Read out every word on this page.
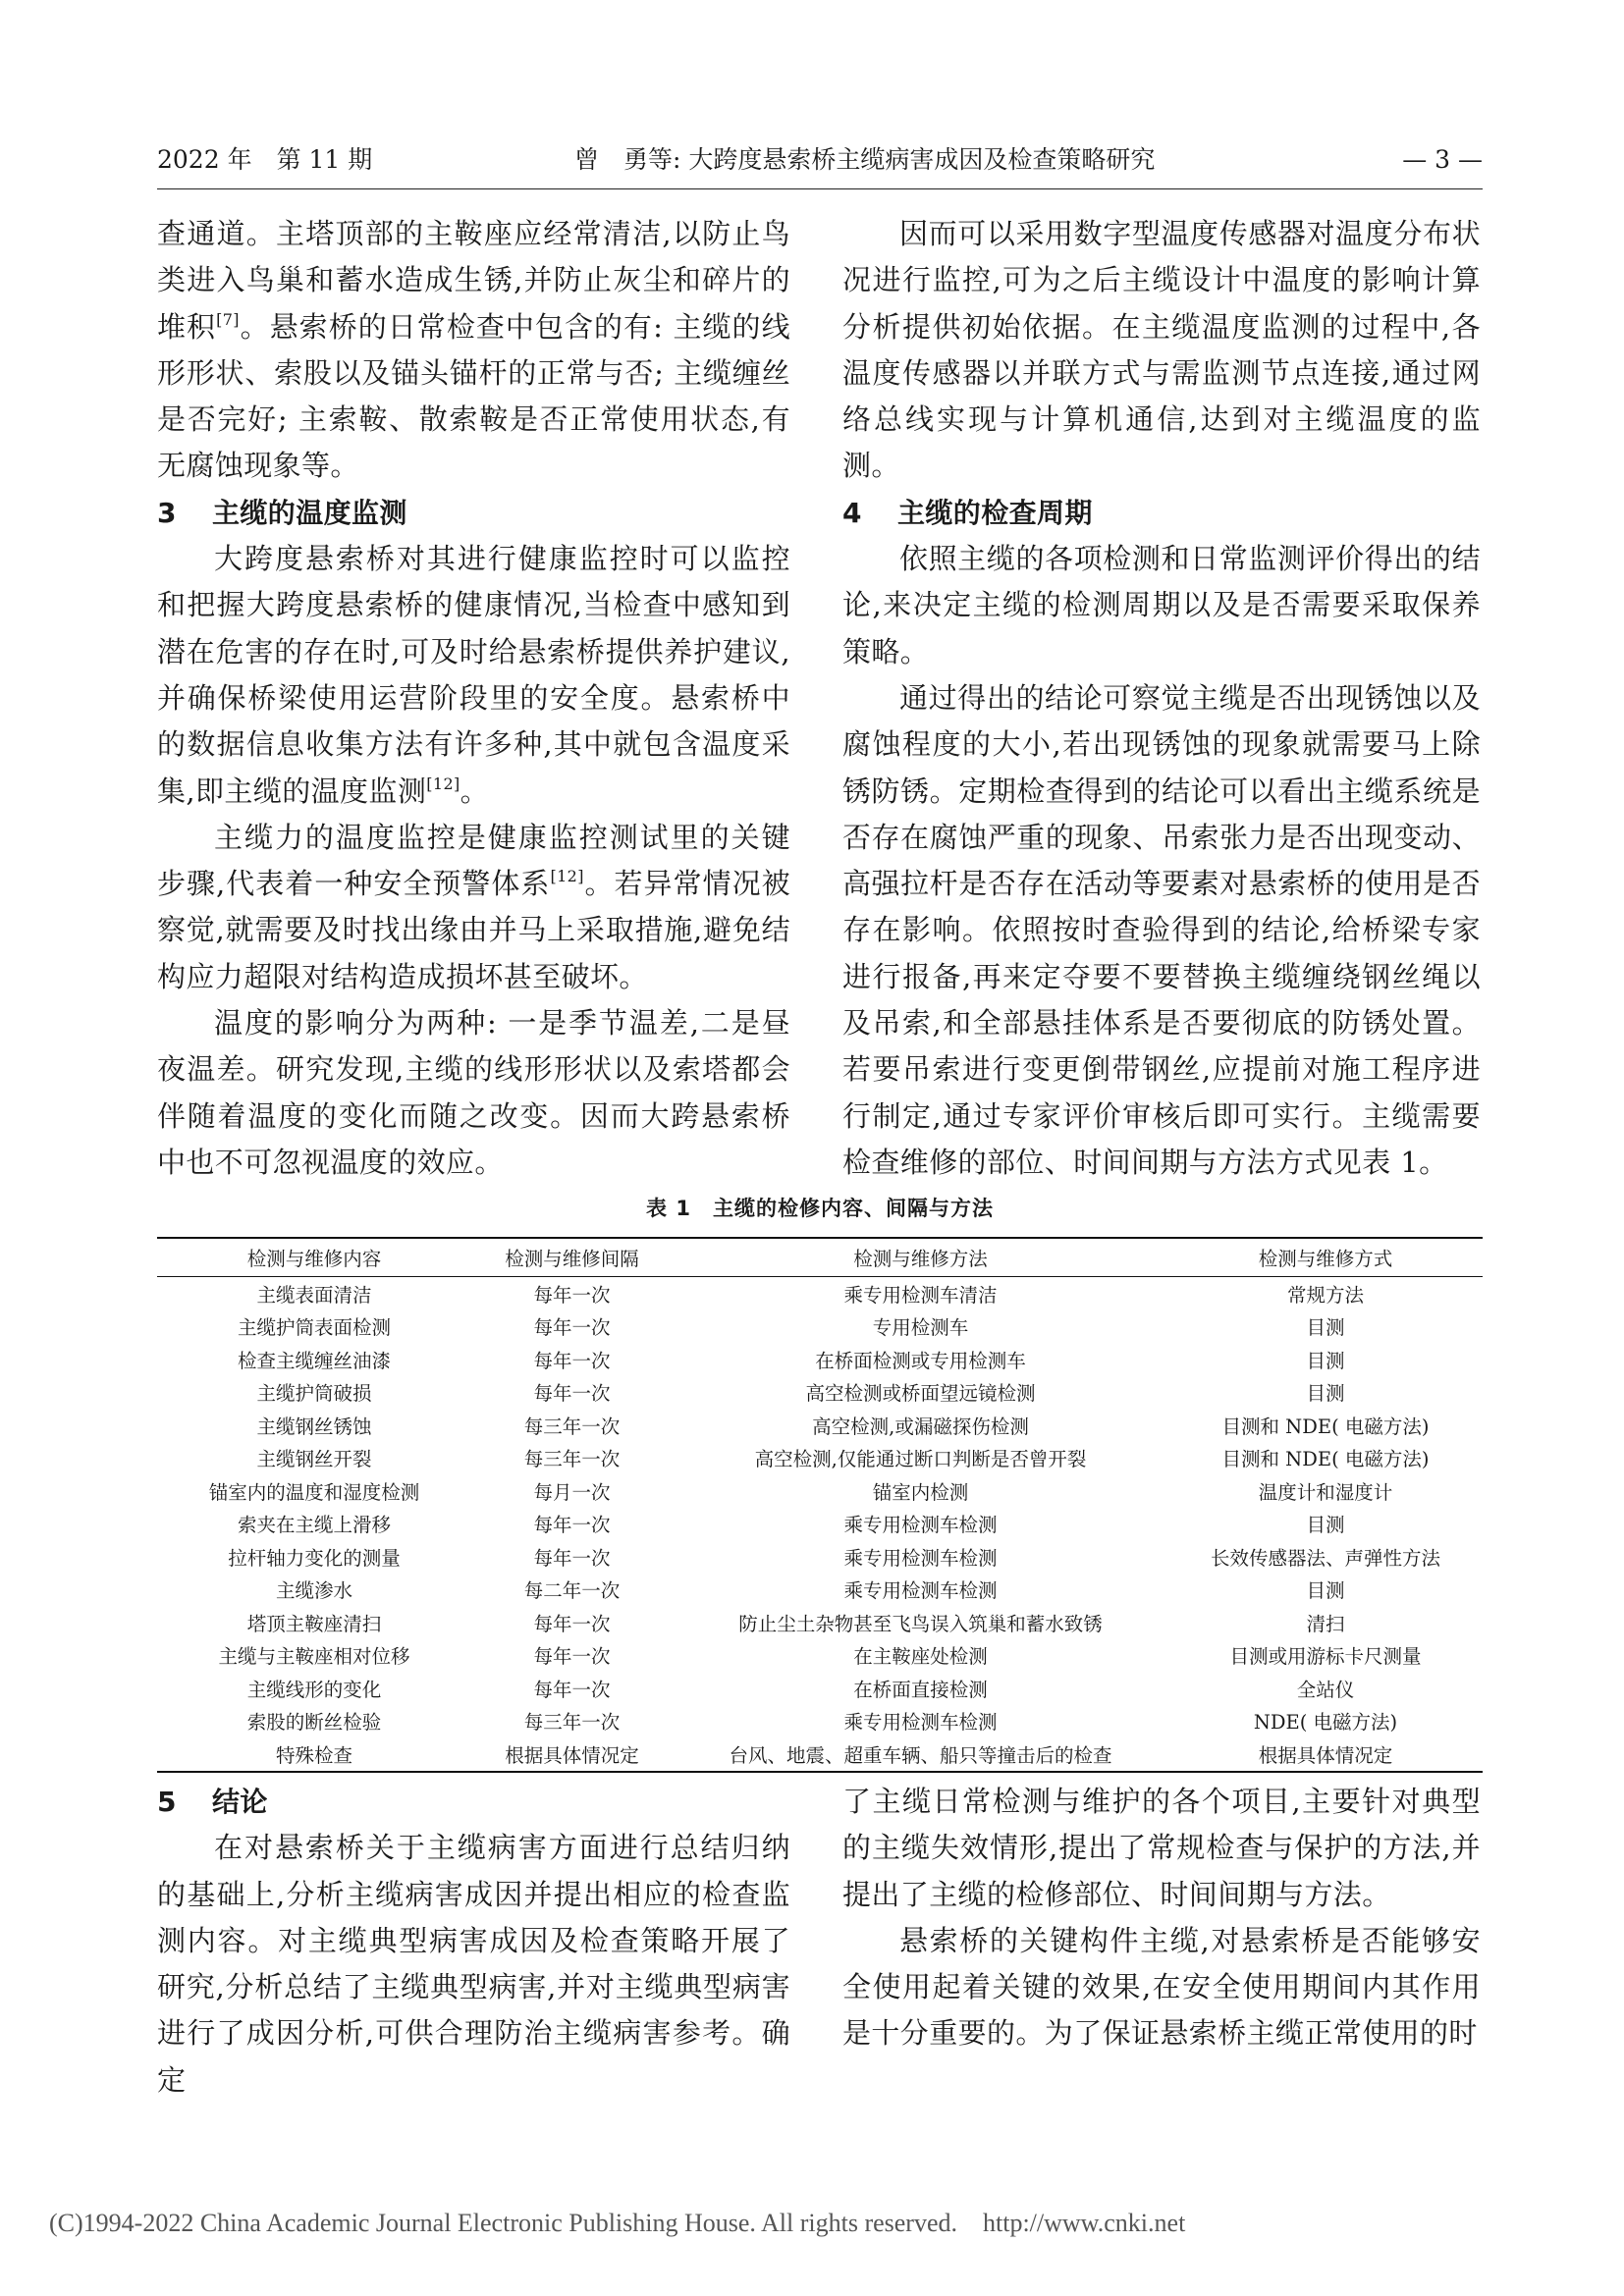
2022 年　第 11 期	曾　勇等: 大跨度悬索桥主缆病害成因及检查策略研究	— 3 —

查通道。主塔顶部的主鞍座应经常清洁,以防止鸟类进入鸟巢和蓄水造成生锈,并防止灰尘和碎片的堆积[7]。悬索桥的日常检查中包含的有: 主缆的线形形状、索股以及锚头锚杆的正常与否; 主缆缠丝是否完好; 主索鞍、散索鞍是否正常使用状态,有无腐蚀现象等。

3 主缆的温度监测

大跨度悬索桥对其进行健康监控时可以监控和把握大跨度悬索桥的健康情况,当检查中感知到潜在危害的存在时,可及时给悬索桥提供养护建议,并确保桥梁使用运营阶段里的安全度。悬索桥中的数据信息收集方法有许多种,其中就包含温度采集,即主缆的温度监测[12]。

主缆力的温度监控是健康监控测试里的关键步骤,代表着一种安全预警体系[12]。若异常情况被察觉,就需要及时找出缘由并马上采取措施,避免结构应力超限对结构造成损坏甚至破坏。

温度的影响分为两种: 一是季节温差,二是昼夜温差。研究发现,主缆的线形形状以及索塔都会伴随着温度的变化而随之改变。因而大跨悬索桥中也不可忽视温度的效应。

因而可以采用数字型温度传感器对温度分布状况进行监控,可为之后主缆设计中温度的影响计算分析提供初始依据。在主缆温度监测的过程中,各温度传感器以并联方式与需监测节点连接,通过网络总线实现与计算机通信,达到对主缆温度的监测。

4 主缆的检查周期

依照主缆的各项检测和日常监测评价得出的结论,来决定主缆的检测周期以及是否需要采取保养策略。

通过得出的结论可察觉主缆是否出现锈蚀以及腐蚀程度的大小,若出现锈蚀的现象就需要马上除锈防锈。定期检查得到的结论可以看出主缆系统是否存在腐蚀严重的现象、吊索张力是否出现变动、高强拉杆是否存在活动等要素对悬索桥的使用是否存在影响。依照按时查验得到的结论,给桥梁专家进行报备,再来定夺要不要替换主缆缠绕钢丝绳以及吊索,和全部悬挂体系是否要彻底的防锈处置。若要吊索进行变更倒带钢丝,应提前对施工程序进行制定,通过专家评价审核后即可实行。主缆需要检查维修的部位、时间间期与方法方式见表 1。

表 1 主缆的检修内容、间隔与方法
检测与维修内容	检测与维修间隔	检测与维修方法	检测与维修方式
主缆表面清洁	每年一次	乘专用检测车清洁	常规方法
主缆护筒表面检测	每年一次	专用检测车	目测
检查主缆缠丝油漆	每年一次	在桥面检测或专用检测车	目测
主缆护筒破损	每年一次	高空检测或桥面望远镜检测	目测
主缆钢丝锈蚀	每三年一次	高空检测,或漏磁探伤检测	目测和 NDE( 电磁方法)
主缆钢丝开裂	每三年一次	高空检测,仅能通过断口判断是否曾开裂	目测和 NDE( 电磁方法)
锚室内的温度和湿度检测	每月一次	锚室内检测	温度计和湿度计
索夹在主缆上滑移	每年一次	乘专用检测车检测	目测
拉杆轴力变化的测量	每年一次	乘专用检测车检测	长效传感器法、声弹性方法
主缆渗水	每二年一次	乘专用检测车检测	目测
塔顶主鞍座清扫	每年一次	防止尘土杂物甚至飞鸟误入筑巢和蓄水致锈	清扫
主缆与主鞍座相对位移	每年一次	在主鞍座处检测	目测或用游标卡尺测量
主缆线形的变化	每年一次	在桥面直接检测	全站仪
索股的断丝检验	每三年一次	乘专用检测车检测	NDE( 电磁方法)
特殊检查	根据具体情况定	台风、地震、超重车辆、船只等撞击后的检查	根据具体情况定
5 结论

在对悬索桥关于主缆病害方面进行总结归纳的基础上,分析主缆病害成因并提出相应的检查监测内容。对主缆典型病害成因及检查策略开展了研究,分析总结了主缆典型病害,并对主缆典型病害进行了成因分析,可供合理防治主缆病害参考。确定

了主缆日常检测与维护的各个项目,主要针对典型的主缆失效情形,提出了常规检查与保护的方法,并提出了主缆的检修部位、时间间期与方法。

悬索桥的关键构件主缆,对悬索桥是否能够安全使用起着关键的效果,在安全使用期间内其作用是十分重要的。为了保证悬索桥主缆正常使用的时

(C)1994-2022 China Academic Journal Electronic Publishing House. All rights reserved. http://www.cnki.net
